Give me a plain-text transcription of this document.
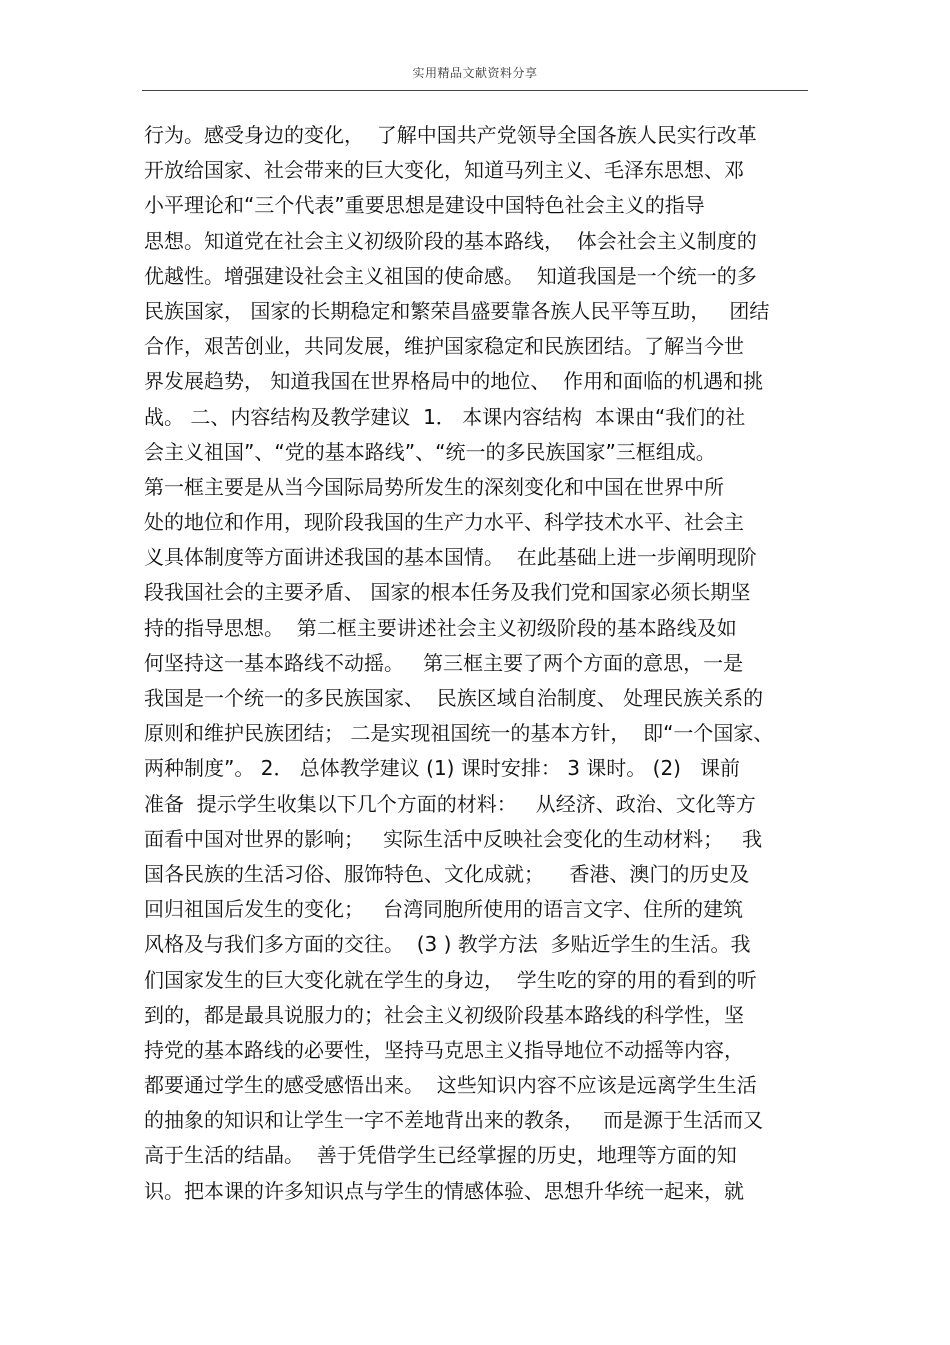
实用精品文献资料分享
行为。感受身边的变化，  了解中国共产党领导全国各族人民实行改革
开放给国家、社会带来的巨大变化，知道马列主义、毛泽东思想、邓
小平理论和“三个代表”重要思想是建设中国特色社会主义的指导
思想。知道党在社会主义初级阶段的基本路线，  体会社会主义制度的
优越性。增强建设社会主义祖国的使命感。  知道我国是一个统一的多
民族国家， 国家的长期稳定和繁荣昌盛要靠各族人民平等互助，   团结
合作，艰苦创业，共同发展，维护国家稳定和民族团结。了解当今世
界发展趋势， 知道我国在世界格局中的地位、  作用和面临的机遇和挑
战。 二、内容结构及教学建议  1． 本课内容结构  本课由“我们的社
会主义祖国”、“党的基本路线”、“统一的多民族国家”三框组成。
第一框主要是从当今国际局势所发生的深刻变化和中国在世界中所
处的地位和作用，现阶段我国的生产力水平、科学技术水平、社会主
义具体制度等方面讲述我国的基本国情。  在此基础上进一步阐明现阶
段我国社会的主要矛盾、 国家的根本任务及我们党和国家必须长期坚
持的指导思想。  第二框主要讲述社会主义初级阶段的基本路线及如
何坚持这一基本路线不动摇。   第三框主要了两个方面的意思，一是
我国是一个统一的多民族国家、  民族区域自治制度、 处理民族关系的
原则和维护民族团结； 二是实现祖国统一的基本方针，  即“一个国家、
两种制度”。 2． 总体教学建议 (1) 课时安排： 3 课时。 (2)   课前
准备  提示学生收集以下几个方面的材料：   从经济、政治、文化等方
面看中国对世界的影响；   实际生活中反映社会变化的生动材料；   我
国各民族的生活习俗、服饰特色、文化成就；    香港、澳门的历史及
回归祖国后发生的变化；   台湾同胞所使用的语言文字、住所的建筑
风格及与我们多方面的交往。  (3 ) 教学方法  多贴近学生的生活。我
们国家发生的巨大变化就在学生的身边，  学生吃的穿的用的看到的听
到的，都是最具说服力的；社会主义初级阶段基本路线的科学性，坚
持党的基本路线的必要性，坚持马克思主义指导地位不动摇等内容，
都要通过学生的感受感悟出来。  这些知识内容不应该是远离学生生活
的抽象的知识和让学生一字不差地背出来的教条，   而是源于生活而又
高于生活的结晶。  善于凭借学生已经掌握的历史，地理等方面的知
识。把本课的许多知识点与学生的情感体验、思想升华统一起来，就
